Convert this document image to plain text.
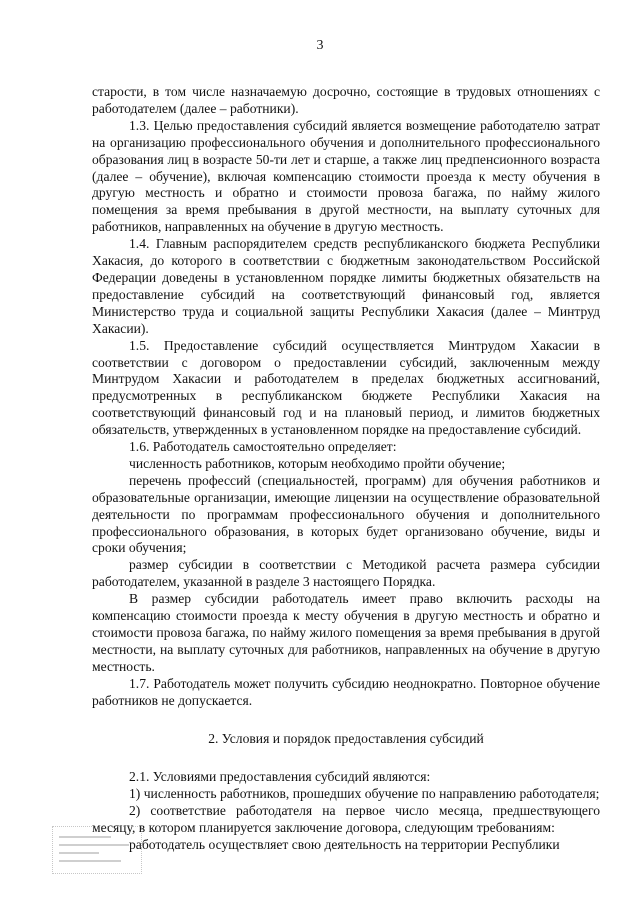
3

старости, в том числе назначаемую досрочно, состоящие в трудовых отношениях с работодателем (далее – работники).

1.3. Целью предоставления субсидий является возмещение работодателю затрат на организацию профессионального обучения и дополнительного профессионального образования лиц в возрасте 50-ти лет и старше, а также лиц предпенсионного возраста (далее – обучение), включая компенсацию стоимости проезда к месту обучения в другую местность и обратно и стоимости провоза багажа, по найму жилого помещения за время пребывания в другой местности, на выплату суточных для работников, направленных на обучение в другую местность.

1.4. Главным распорядителем средств республиканского бюджета Республики Хакасия, до которого в соответствии с бюджетным законодательством Российской Федерации доведены в установленном порядке лимиты бюджетных обязательств на предоставление субсидий на соответствующий финансовый год, является Министерство труда и социальной защиты Республики Хакасия (далее – Минтруд Хакасии).

1.5. Предоставление субсидий осуществляется Минтрудом Хакасии в соответствии с договором о предоставлении субсидий, заключенным между Минтрудом Хакасии и работодателем в пределах бюджетных ассигнований, предусмотренных в республиканском бюджете Республики Хакасия на соответствующий финансовый год и на плановый период, и лимитов бюджетных обязательств, утвержденных в установленном порядке на предоставление субсидий.

1.6. Работодатель самостоятельно определяет:

численность работников, которым необходимо пройти обучение;

перечень профессий (специальностей, программ) для обучения работников и образовательные организации, имеющие лицензии на осуществление образовательной деятельности по программам профессионального обучения и дополнительного профессионального образования, в которых будет организовано обучение, виды и сроки обучения;

размер субсидии в соответствии с Методикой расчета размера субсидии работодателем, указанной в разделе 3 настоящего Порядка.

В размер субсидии работодатель имеет право включить расходы на компенсацию стоимости проезда к месту обучения в другую местность и обратно и стоимости провоза багажа, по найму жилого помещения за время пребывания в другой местности, на выплату суточных для работников, направленных на обучение в другую местность.

1.7. Работодатель может получить субсидию неоднократно. Повторное обучение работников не допускается.

2. Условия и порядок предоставления субсидий

2.1. Условиями предоставления субсидий являются:

1) численность работников, прошедших обучение по направлению работодателя;

2) соответствие работодателя на первое число месяца, предшествующего месяцу, в котором планируется заключение договора, следующим требованиям:

работодатель осуществляет свою деятельность на территории Республики
